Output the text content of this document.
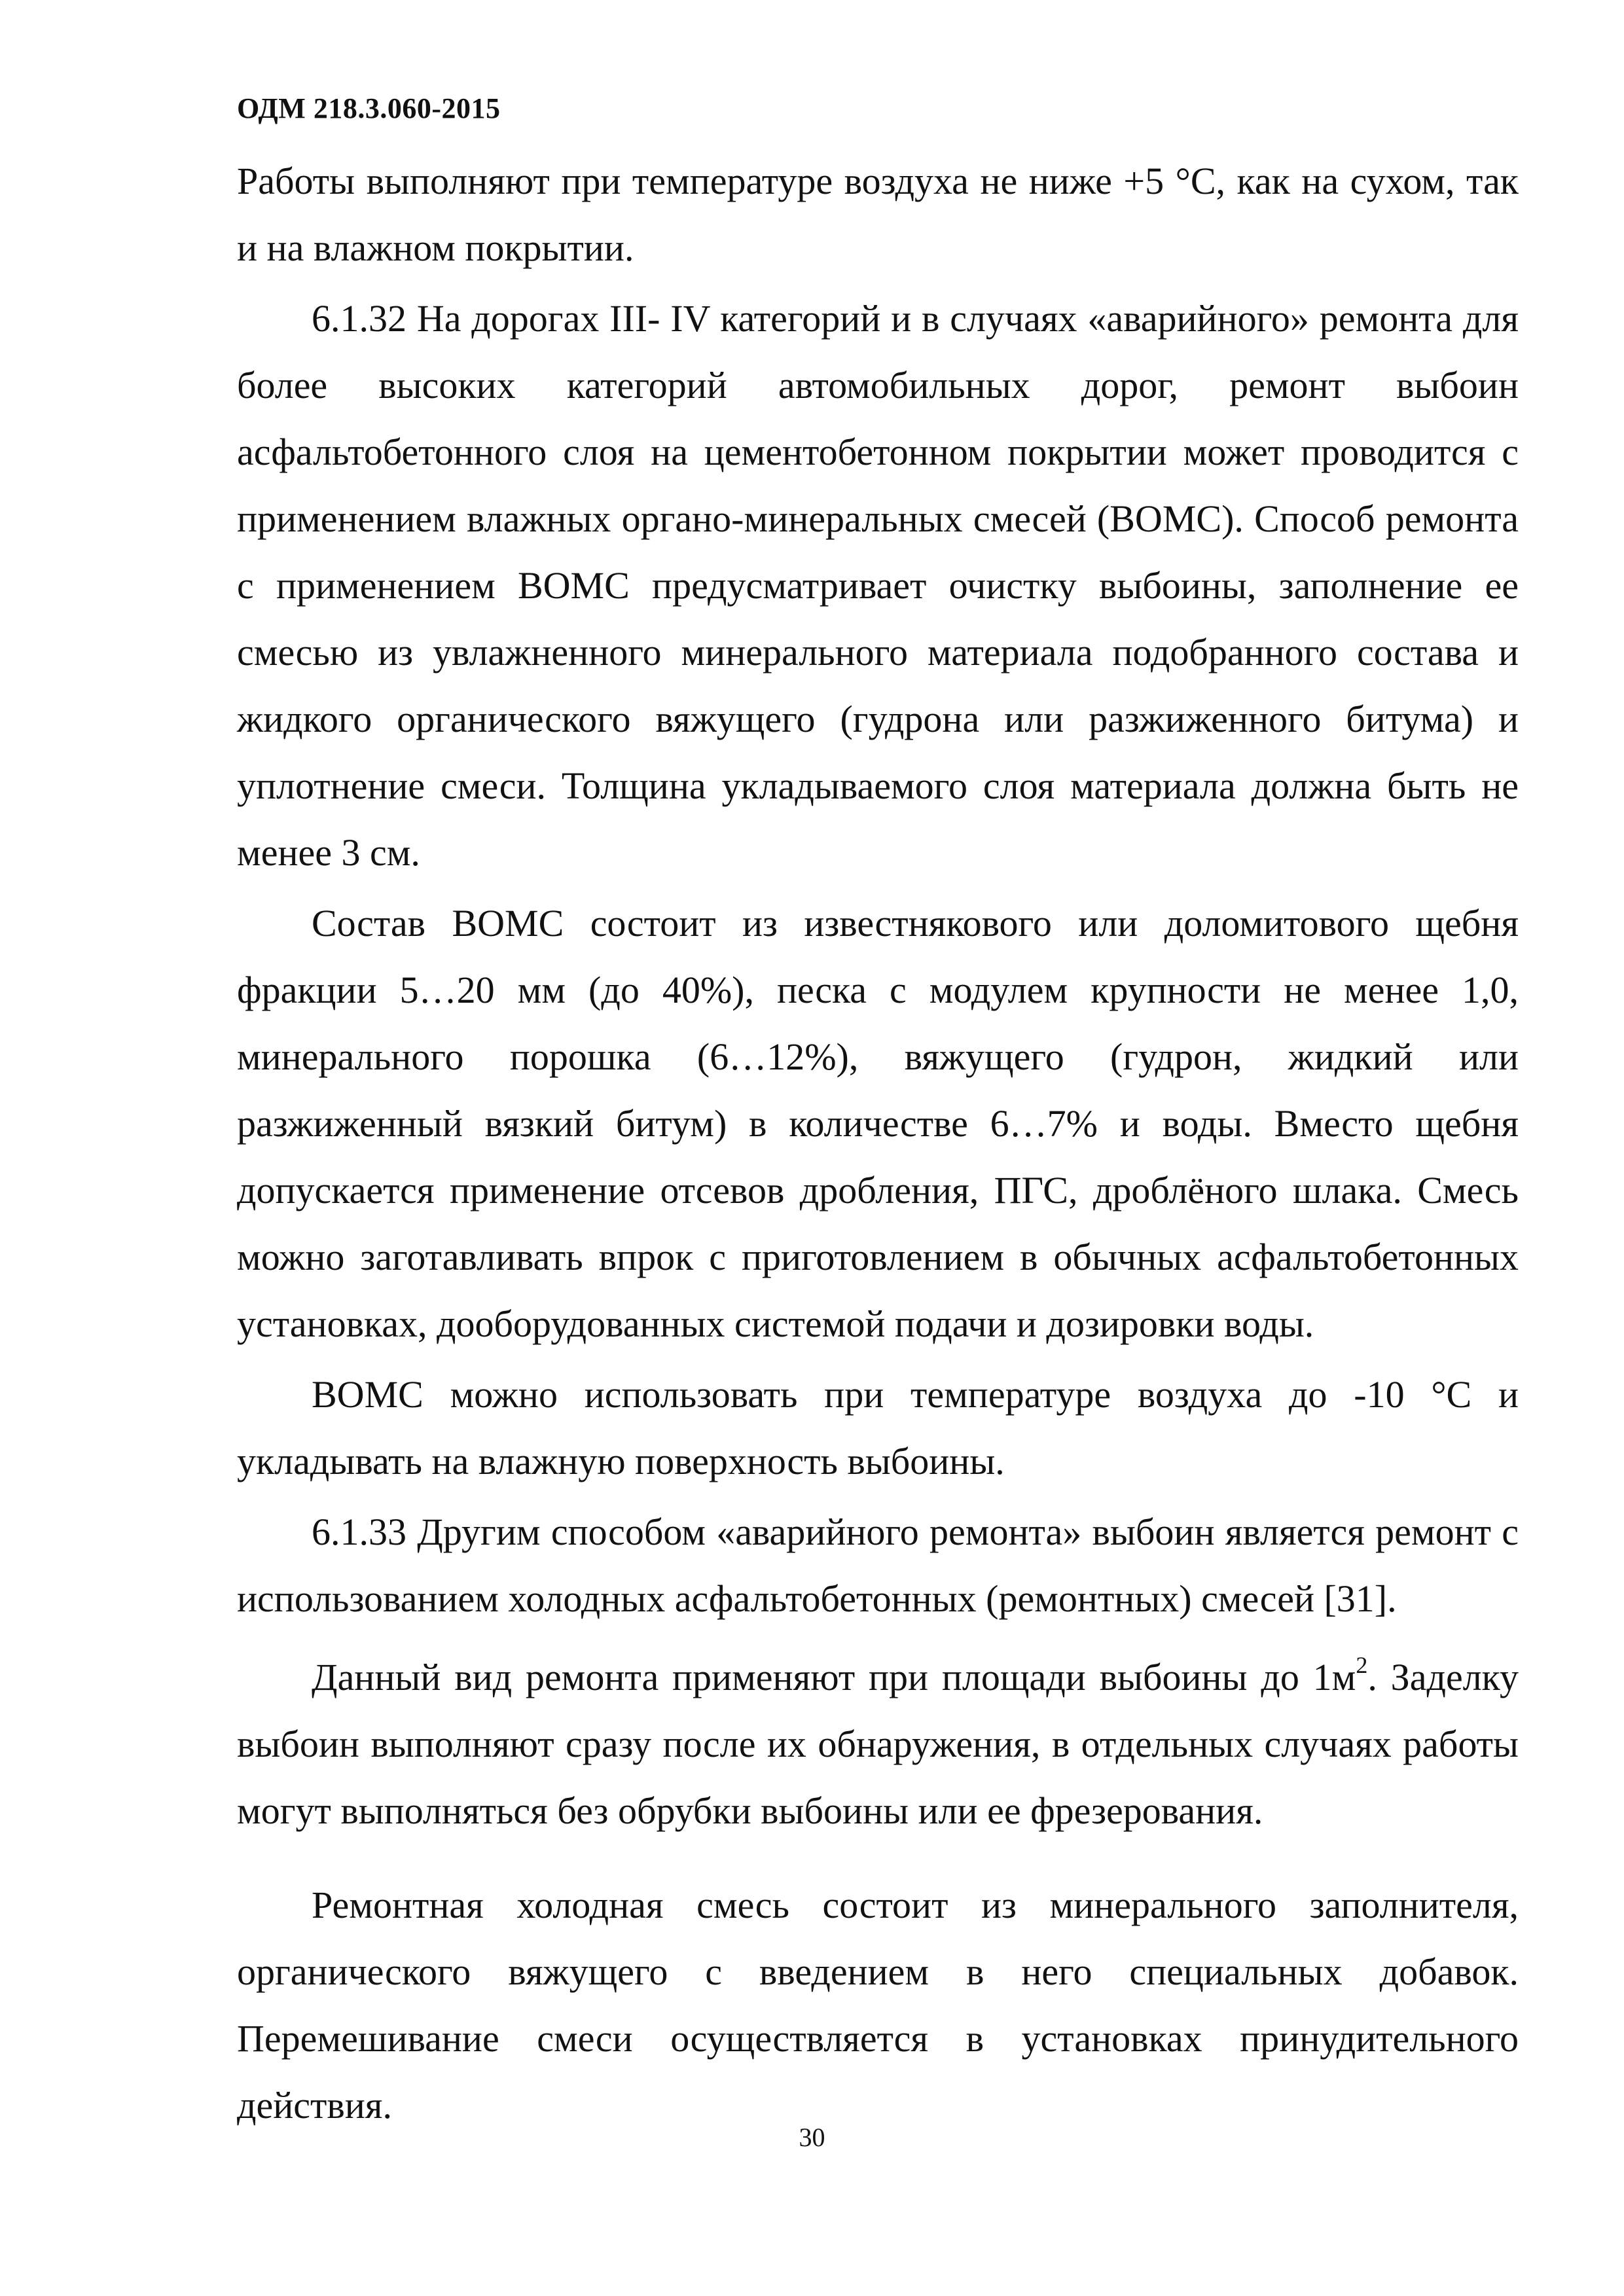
ОДМ 218.3.060-2015

Работы выполняют при температуре воздуха не ниже +5 °С, как на сухом, так и на влажном покрытии.

6.1.32 На дорогах III- IV категорий и в случаях «аварийного» ремонта для более высоких категорий автомобильных дорог, ремонт выбоин асфальтобетонного слоя на цементобетонном покрытии может проводится с применением влажных органо-минеральных смесей (ВОМС). Способ ремонта с применением ВОМС предусматривает очистку выбоины, заполнение ее смесью из увлажненного минерального материала подобранного состава и жидкого органического вяжущего (гудрона или разжиженного битума) и уплотнение смеси. Толщина укладываемого слоя материала должна быть не менее 3 см.

Состав ВОМС состоит из известнякового или доломитового щебня фракции 5…20 мм (до 40%), песка с модулем крупности не менее 1,0, минерального порошка (6…12%), вяжущего (гудрон, жидкий или разжиженный вязкий битум) в количестве 6…7% и воды. Вместо щебня допускается применение отсевов дробления, ПГС, дроблёного шлака. Смесь можно заготавливать впрок с приготовлением в обычных асфальтобетонных установках, дооборудованных системой подачи и дозировки воды.

ВОМС можно использовать при температуре воздуха до -10 °С и укладывать на влажную поверхность выбоины.

6.1.33 Другим способом «аварийного ремонта» выбоин является ремонт с использованием холодных асфальтобетонных (ремонтных) смесей [31].

Данный вид ремонта применяют при площади выбоины до $1м^2$. Заделку выбоин выполняют сразу после их обнаружения, в отдельных случаях работы могут выполняться без обрубки выбоины или ее фрезерования.

Ремонтная холодная смесь состоит из минерального заполнителя, органического вяжущего с введением в него специальных добавок. Перемешивание смеси осуществляется в установках принудительного действия.

30
